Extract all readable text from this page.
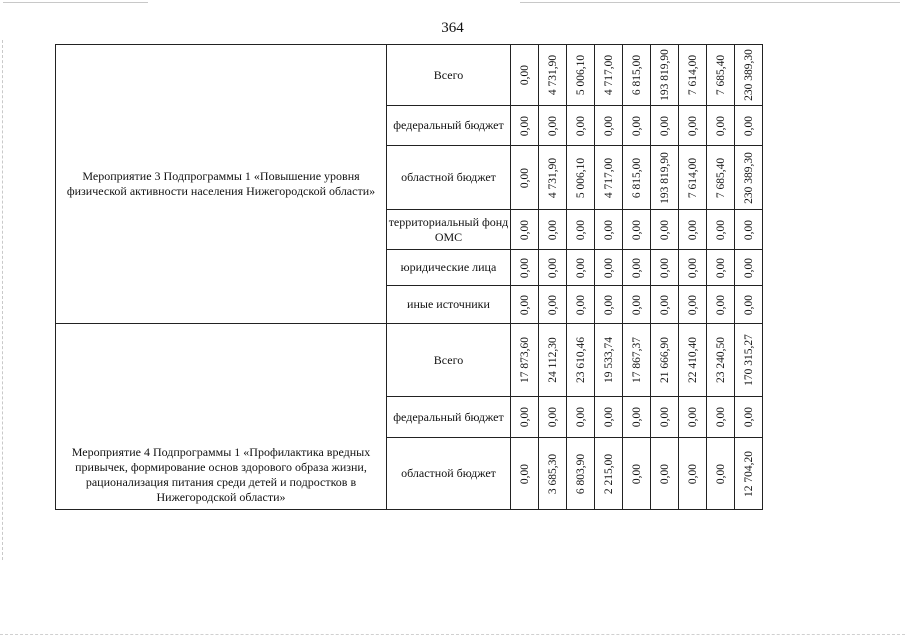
364
Мероприятие 3 Подпрограммы 1 «Повышение уровня физической активности населения Нижегородской области»	Всего	0,00	4 731,90	5 006,10	4 717,00	6 815,00	193 819,90	7 614,00	7 685,40	230 389,30

	федеральный бюджет	0,00	0,00	0,00	0,00	0,00	0,00	0,00	0,00	0,00

	областной бюджет	0,00	4 731,90	5 006,10	4 717,00	6 815,00	193 819,90	7 614,00	7 685,40	230 389,30

	территориальный фонд ОМС	0,00	0,00	0,00	0,00	0,00	0,00	0,00	0,00	0,00

	юридические лица	0,00	0,00	0,00	0,00	0,00	0,00	0,00	0,00	0,00

	иные источники	0,00	0,00	0,00	0,00	0,00	0,00	0,00	0,00	0,00

Мероприятие 4 Подпрограммы 1 «Профилактика вредных привычек, формирование основ здорового образа жизни, рационализация питания среди детей и подростков в Нижегородской области»	Всего	17 873,60	24 112,30	23 610,46	19 533,74	17 867,37	21 666,90	22 410,40	23 240,50	170 315,27

	федеральный бюджет	0,00	0,00	0,00	0,00	0,00	0,00	0,00	0,00	0,00

	областной бюджет	0,00	3 685,30	6 803,90	2 215,00	0,00	0,00	0,00	0,00	12 704,20
